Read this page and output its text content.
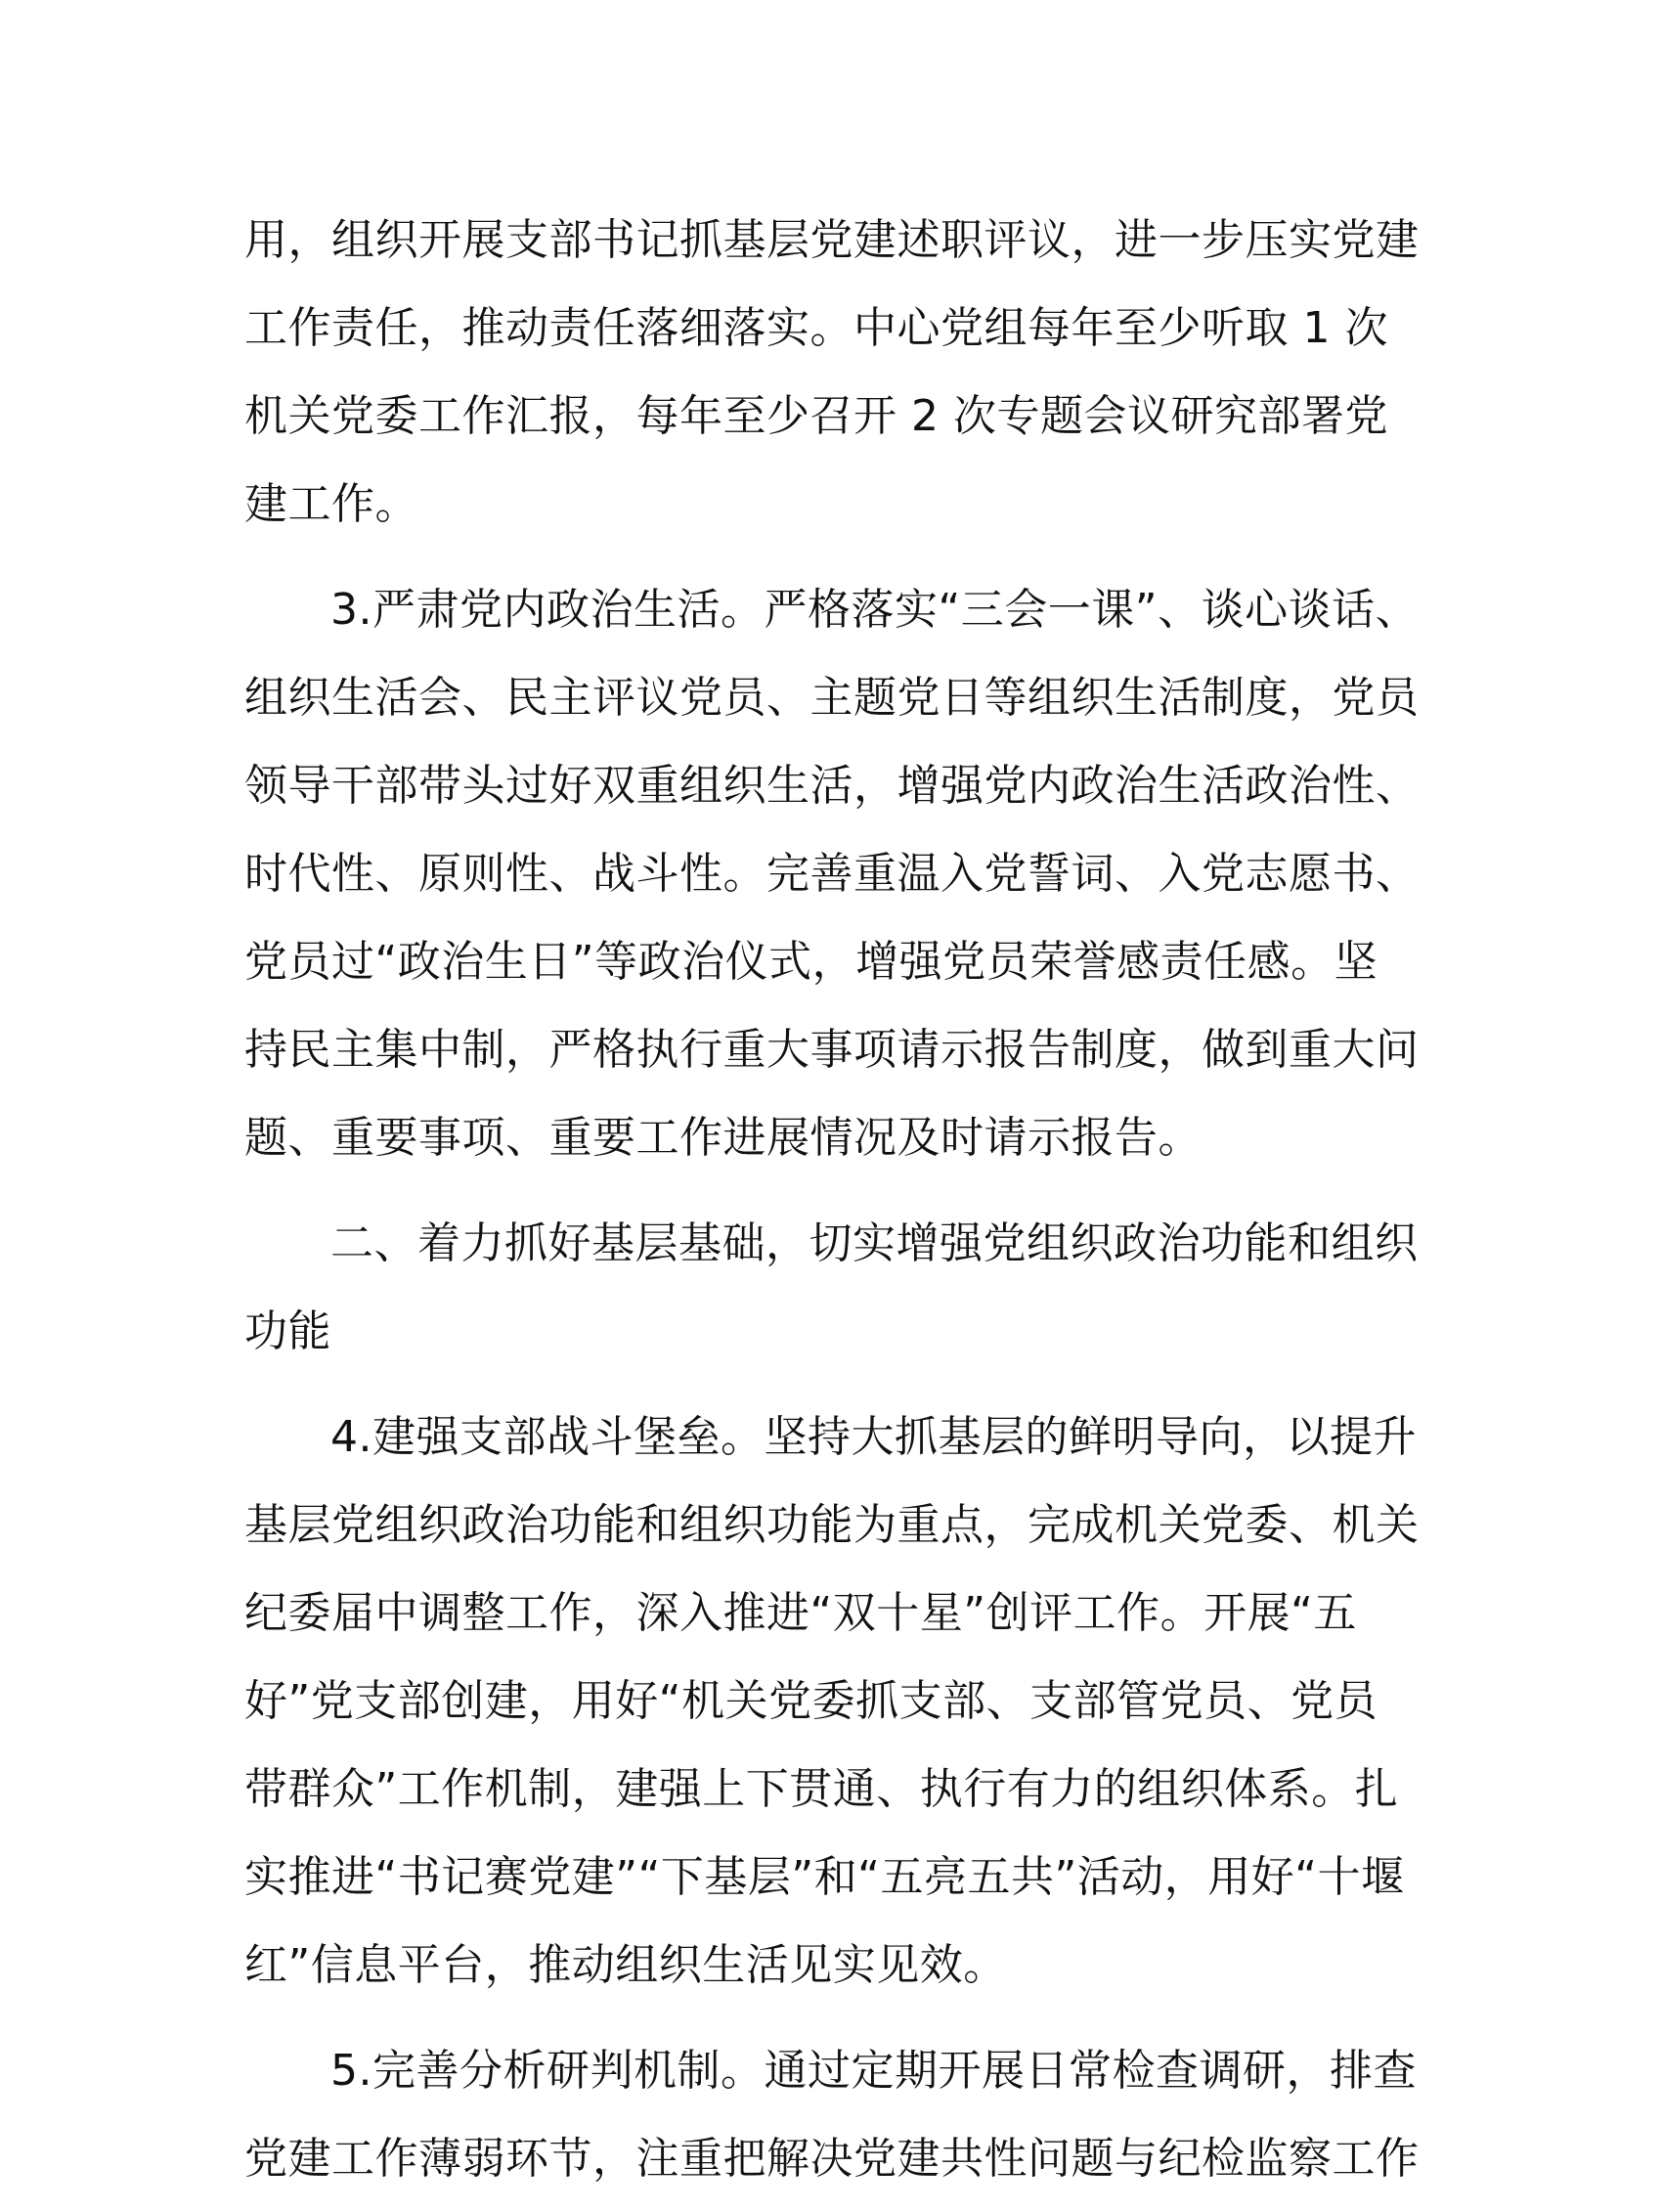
用，组织开展支部书记抓基层党建述职评议，进一步压实党建
工作责任，推动责任落细落实。中心党组每年至少听取 1 次
机关党委工作汇报，每年至少召开 2 次专题会议研究部署党
建工作。
3.严肃党内政治生活。严格落实“三会一课”、谈心谈话、
组织生活会、民主评议党员、主题党日等组织生活制度，党员
领导干部带头过好双重组织生活，增强党内政治生活政治性、
时代性、原则性、战斗性。完善重温入党誓词、入党志愿书、
党员过“政治生日”等政治仪式，增强党员荣誉感责任感。坚
持民主集中制，严格执行重大事项请示报告制度，做到重大问
题、重要事项、重要工作进展情况及时请示报告。
二、着力抓好基层基础，切实增强党组织政治功能和组织
功能
4.建强支部战斗堡垒。坚持大抓基层的鲜明导向，以提升
基层党组织政治功能和组织功能为重点，完成机关党委、机关
纪委届中调整工作，深入推进“双十星”创评工作。开展“五
好”党支部创建，用好“机关党委抓支部、支部管党员、党员
带群众”工作机制，建强上下贯通、执行有力的组织体系。扎
实推进“书记赛党建”“下基层”和“五亮五共”活动，用好“十堰
红”信息平台，推动组织生活见实见效。
5.完善分析研判机制。通过定期开展日常检查调研，排查
党建工作薄弱环节，注重把解决党建共性问题与纪检监察工作
